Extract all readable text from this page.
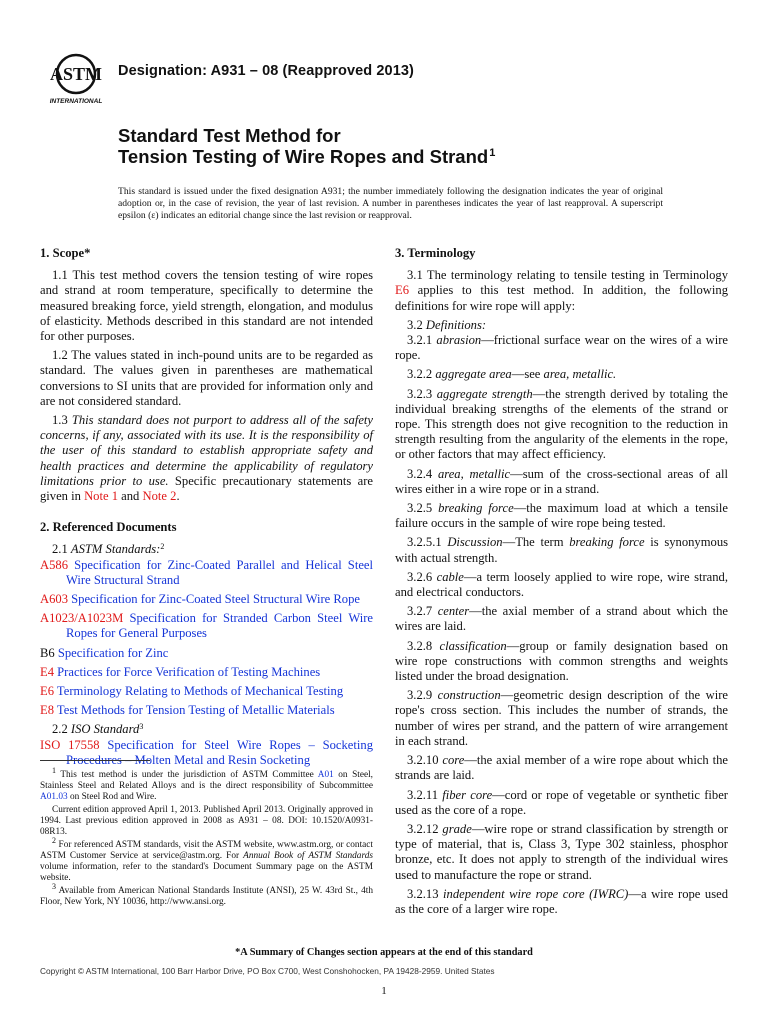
ASTM
INTERNATIONAL
Designation: A931 – 08 (Reapproved 2013)
Standard Test Method for
Tension Testing of Wire Ropes and Strand$^1$
This standard is issued under the fixed designation A931; the number immediately following the designation indicates the year of original adoption or, in the case of revision, the year of last revision. A number in parentheses indicates the year of last reapproval. A superscript epsilon (ε) indicates an editorial change since the last revision or reapproval.
1. Scope*

1.1 This test method covers the tension testing of wire ropes and strand at room temperature, specifically to determine the measured breaking force, yield strength, elongation, and modulus of elasticity. Methods described in this standard are not intended for other purposes.

1.2 The values stated in inch-pound units are to be regarded as standard. The values given in parentheses are mathematical conversions to SI units that are provided for information only and are not considered standard.

1.3 This standard does not purport to address all of the safety concerns, if any, associated with its use. It is the responsibility of the user of this standard to establish appropriate safety and health practices and determine the applicability of regulatory limitations prior to use. Specific precautionary statements are given in Note 1 and Note 2.

2. Referenced Documents

2.1 ASTM Standards:$^2$

A586 Specification for Zinc-Coated Parallel and Helical Steel Wire Structural Strand

A603 Specification for Zinc-Coated Steel Structural Wire Rope

A1023/A1023M Specification for Stranded Carbon Steel Wire Ropes for General Purposes

B6 Specification for Zinc

E4 Practices for Force Verification of Testing Machines

E6 Terminology Relating to Methods of Mechanical Testing

E8 Test Methods for Tension Testing of Metallic Materials

2.2 ISO Standard$^3$

ISO 17558 Specification for Steel Wire Ropes – Socketing Procedures – Molten Metal and Resin Socketing

$^1$ This test method is under the jurisdiction of ASTM Committee A01 on Steel, Stainless Steel and Related Alloys and is the direct responsibility of Subcommittee A01.03 on Steel Rod and Wire.

Current edition approved April 1, 2013. Published April 2013. Originally approved in 1994. Last previous edition approved in 2008 as A931 – 08. DOI: 10.1520/A0931-08R13.

$^2$ For referenced ASTM standards, visit the ASTM website, www.astm.org, or contact ASTM Customer Service at service@astm.org. For Annual Book of ASTM Standards volume information, refer to the standard's Document Summary page on the ASTM website.

$^3$ Available from American National Standards Institute (ANSI), 25 W. 43rd St., 4th Floor, New York, NY 10036, http://www.ansi.org.

3. Terminology

3.1 The terminology relating to tensile testing in Terminology E6 applies to this test method. In addition, the following definitions for wire rope will apply:

3.2 Definitions:

3.2.1 abrasion—frictional surface wear on the wires of a wire rope.

3.2.2 aggregate area—see area, metallic.

3.2.3 aggregate strength—the strength derived by totaling the individual breaking strengths of the elements of the strand or rope. This strength does not give recognition to the reduction in strength resulting from the angularity of the elements in the rope, or other factors that may affect efficiency.

3.2.4 area, metallic—sum of the cross-sectional areas of all wires either in a wire rope or in a strand.

3.2.5 breaking force—the maximum load at which a tensile failure occurs in the sample of wire rope being tested.

3.2.5.1 Discussion—The term breaking force is synonymous with actual strength.

3.2.6 cable—a term loosely applied to wire rope, wire strand, and electrical conductors.

3.2.7 center—the axial member of a strand about which the wires are laid.

3.2.8 classification—group or family designation based on wire rope constructions with common strengths and weights listed under the broad designation.

3.2.9 construction—geometric design description of the wire rope's cross section. This includes the number of strands, the number of wires per strand, and the pattern of wire arrangement in each strand.

3.2.10 core—the axial member of a wire rope about which the strands are laid.

3.2.11 fiber core—cord or rope of vegetable or synthetic fiber used as the core of a rope.

3.2.12 grade—wire rope or strand classification by strength or type of material, that is, Class 3, Type 302 stainless, phosphor bronze, etc. It does not apply to strength of the individual wires used to manufacture the rope or strand.

3.2.13 independent wire rope core (IWRC)—a wire rope used as the core of a larger wire rope.

*A Summary of Changes section appears at the end of this standard
Copyright © ASTM International, 100 Barr Harbor Drive, PO Box C700, West Conshohocken, PA 19428-2959. United States
1
